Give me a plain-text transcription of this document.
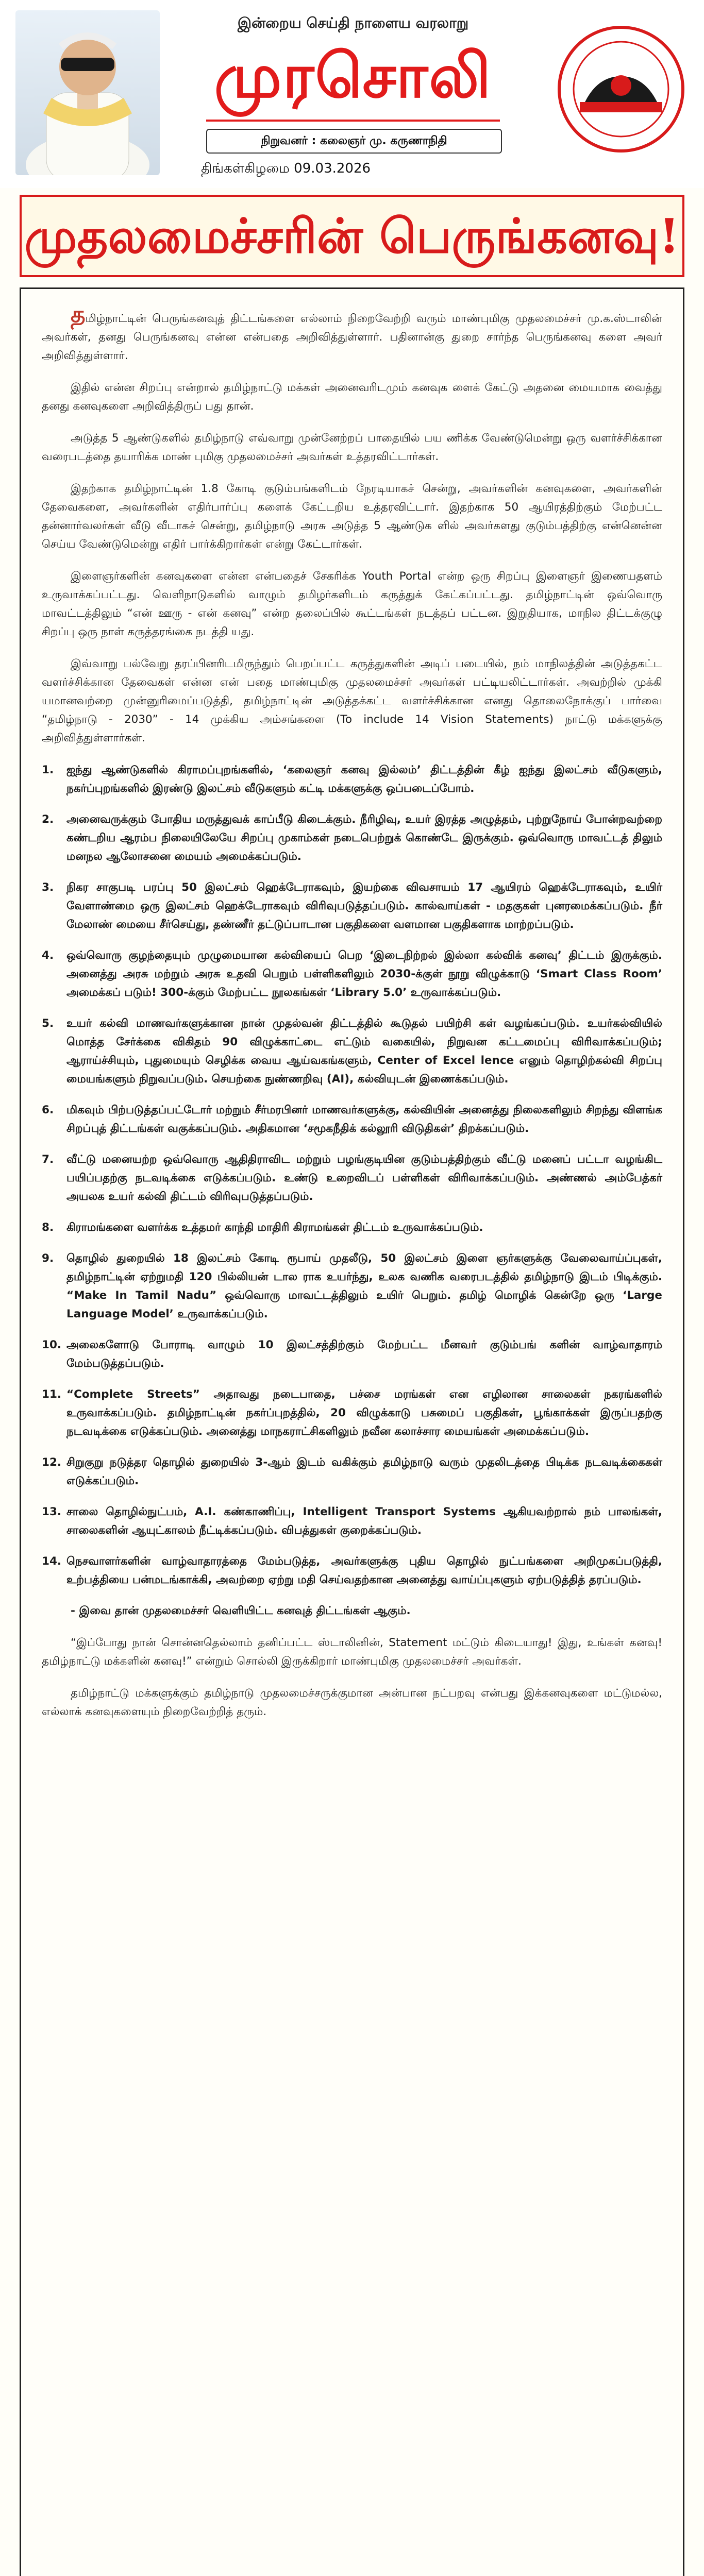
இன்றைய செய்தி நாளைய வரலாறு
முரசொலி
நிறுவனர் : கலைஞர் மு. கருணாநிதி
திங்கள்கிழமை 09.03.2026
முதலமைச்சரின் பெருங்கனவு!

தமிழ்நாட்டின் பெருங்கனவுத் திட்டங்களை எல்லாம் நிறைவேற்றி வரும் மாண்புமிகு முதலமைச்சர் மு.க.ஸ்டாலின் அவர்கள், தனது பெருங்கனவு என்ன என்பதை அறிவித்துள்ளார். பதினான்கு துறை சார்ந்த பெருங்கனவு களை அவர் அறிவித்துள்ளார்.

இதில் என்ன சிறப்பு என்றால் தமிழ்நாட்டு மக்கள் அனைவரிடமும் கனவுக ளைக் கேட்டு அதனை மையமாக வைத்து தனது கனவுகளை அறிவித்திருப் பது தான்.

அடுத்த 5 ஆண்டுகளில் தமிழ்நாடு எவ்வாறு முன்னேற்றப் பாதையில் பய ணிக்க வேண்டுமென்று ஒரு வளர்ச்சிக்கான வரைபடத்தை தயாரிக்க மாண் புமிகு முதலமைச்சர் அவர்கள் உத்தரவிட்டார்கள்.

இதற்காக தமிழ்நாட்டின் 1.8 கோடி குடும்பங்களிடம் நேரடியாகச் சென்று, அவர்களின் கனவுகளை, அவர்களின் தேவைகளை, அவர்களின் எதிர்பார்ப்பு களைக் கேட்டறிய உத்தரவிட்டார். இதற்காக 50 ஆயிரத்திற்கும் மேற்பட்ட தன்னார்வலர்கள் வீடு வீடாகச் சென்று, தமிழ்நாடு அரசு அடுத்த 5 ஆண்டுக ளில் அவர்களது குடும்பத்திற்கு என்னென்ன செய்ய வேண்டுமென்று எதிர் பார்க்கிறார்கள் என்று கேட்டார்கள்.

இளைஞர்களின் கனவுகளை என்ன என்பதைச் சேகரிக்க Youth Portal என்ற ஒரு சிறப்பு இளைஞர் இணையதளம் உருவாக்கப்பட்டது. வெளிநாடுகளில் வாழும் தமிழர்களிடம் கருத்துக் கேட்கப்பட்டது. தமிழ்நாட்டின் ஒவ்வொரு மாவட்டத்திலும் “என் ஊரு - என் கனவு” என்ற தலைப்பில் கூட்டங்கள் நடத்தப் பட்டன. இறுதியாக, மாநில திட்டக்குழு சிறப்பு ஒரு நாள் கருத்தரங்கை நடத்தி யது.

இவ்வாறு பல்வேறு தரப்பினரிடமிருந்தும் பெறப்பட்ட கருத்துகளின் அடிப் படையில், நம் மாநிலத்தின் அடுத்தகட்ட வளர்ச்சிக்கான தேவைகள் என்ன என் பதை மாண்புமிகு முதலமைச்சர் அவர்கள் பட்டியலிட்டார்கள். அவற்றில் முக்கி யமானவற்றை முன்னுரிமைப்படுத்தி, தமிழ்நாட்டின் அடுத்தக்கட்ட வளர்ச்சிக்கான எனது தொலைநோக்குப் பார்வை “தமிழ்நாடு - 2030” - 14 முக்கிய அம்சங்களை (To include 14 Vision Statements) நாட்டு மக்களுக்கு அறிவித்துள்ளார்கள்.

1.	ஐந்து ஆண்டுகளில் கிராமப்புறங்களில், ‘கலைஞர் கனவு இல்லம்’ திட்டத்தின் கீழ் ஐந்து இலட்சம் வீடுகளும், நகர்ப்புறங்களில் இரண்டு இலட்சம் வீடுகளும் கட்டி மக்களுக்கு ஒப்படைப்போம்.
2.	அனைவருக்கும் போதிய மருத்துவக் காப்பீடு கிடைக்கும். நீரிழிவு, உயர் இரத்த அழுத்தம், புற்றுநோய் போன்றவற்றை கண்டறிய ஆரம்ப நிலையிலேயே சிறப்பு முகாம்கள் நடைபெற்றுக் கொண்டே இருக்கும். ஒவ்வொரு மாவட்டத் திலும் மனநல ஆலோசனை மையம் அமைக்கப்படும்.
3.	நிகர சாகுபடி பரப்பு 50 இலட்சம் ஹெக்டேராகவும், இயற்கை விவசாயம் 17 ஆயிரம் ஹெக்டேராகவும், உயிர் வேளாண்மை ஒரு இலட்சம் ஹெக்டேராகவும் விரிவுபடுத்தப்படும். கால்வாய்கள் - மதகுகள் புனரமைக்கப்படும். நீர் மேலாண் மையை சீர்செய்து, தண்ணீர் தட்டுப்பாடான பகுதிகளை வளமான பகுதிகளாக மாற்றப்படும்.
4.	ஒவ்வொரு குழந்தையும் முழுமையான கல்வியைப் பெற ‘இடைநிற்றல் இல்லா கல்விக் கனவு’ திட்டம் இருக்கும். அனைத்து அரசு மற்றும் அரசு உதவி பெறும் பள்ளிகளிலும் 2030-க்குள் நூறு விழுக்காடு ‘Smart Class Room’ அமைக்கப் படும்! 300-க்கும் மேற்பட்ட நூலகங்கள் ‘Library 5.0’ உருவாக்கப்படும்.
5.	உயர் கல்வி மாணவர்களுக்கான நான் முதல்வன் திட்டத்தில் கூடுதல் பயிற்சி கள் வழங்கப்படும். உயர்கல்வியில் மொத்த சேர்க்கை விகிதம் 90 விழுக்காட்டை எட்டும் வகையில், நிறுவன கட்டமைப்பு விரிவாக்கப்படும்; ஆராய்ச்சியும், புதுமையும் செழிக்க வைய ஆய்வகங்களும், Center of Excel lence எனும் தொழிற்கல்வி சிறப்பு மையங்களும் நிறுவப்படும். செயற்கை நுண்ணறிவு (AI), கல்வியுடன் இணைக்கப்படும்.
6.	மிகவும் பிற்படுத்தப்பட்டோர் மற்றும் சீர்மரபினர் மாணவர்களுக்கு, கல்வியின் அனைத்து நிலைகளிலும் சிறந்து விளங்க சிறப்புத் திட்டங்கள் வகுக்கப்படும். அதிகமான ‘சமூகநீதிக் கல்லூரி விடுதிகள்’ திறக்கப்படும்.
7.	வீட்டு மனையற்ற ஒவ்வொரு ஆதிதிராவிட மற்றும் பழங்குடியின குடும்பத்திற்கும் வீட்டு மனைப் பட்டா வழங்கிட பயிப்பதற்கு நடவடிக்கை எடுக்கப்படும். உண்டு உறைவிடப் பள்ளிகள் விரிவாக்கப்படும். அண்ணல் அம்பேத்கர் அயலக உயர் கல்வி திட்டம் விரிவுபடுத்தப்படும்.
8.	கிராமங்களை வளர்க்க உத்தமர் காந்தி மாதிரி கிராமங்கள் திட்டம் உருவாக்கப்படும்.
9.	தொழில் துறையில் 18 இலட்சம் கோடி ரூபாய் முதலீடு, 50 இலட்சம் இளை ஞர்களுக்கு வேலைவாய்ப்புகள், தமிழ்நாட்டின் ஏற்றுமதி 120 பில்லியன் டால ராக உயர்ந்து, உலக வணிக வரைபடத்தில் தமிழ்நாடு இடம் பிடிக்கும். “Make In Tamil Nadu” ஒவ்வொரு மாவட்டத்திலும் உயிர் பெறும். தமிழ் மொழிக் கென்றே ஒரு ‘Large Language Model’ உருவாக்கப்படும்.
10. அலைகளோடு போராடி வாழும் 10 இலட்சத்திற்கும் மேற்பட்ட மீனவர் குடும்பங் களின் வாழ்வாதாரம் மேம்படுத்தப்படும்.
11. “Complete Streets” அதாவது நடைபாதை, பச்சை மரங்கள் என எழிலான சாலைகள் நகரங்களில் உருவாக்கப்படும். தமிழ்நாட்டின் நகர்ப்புறத்தில், 20 விழுக்காடு பசுமைப் பகுதிகள், பூங்காக்கள் இருப்பதற்கு நடவடிக்கை எடுக்கப்படும். அனைத்து மாநகராட்சிகளிலும் நவீன கலாச்சார மையங்கள் அமைக்கப்படும்.
12. சிறுகுறு நடுத்தர தொழில் துறையில் 3-ஆம் இடம் வகிக்கும் தமிழ்நாடு வரும் முதலிடத்தை பிடிக்க நடவடிக்கைகள் எடுக்கப்படும்.
13. சாலை தொழில்நுட்பம், A.I. கண்காணிப்பு, Intelligent Transport Systems ஆகியவற்றால் நம் பாலங்கள், சாலைகளின் ஆயுட்காலம் நீட்டிக்கப்படும். விபத்துகள் குறைக்கப்படும்.
14. நெசவாளர்களின் வாழ்வாதாரத்தை மேம்படுத்த, அவர்களுக்கு புதிய தொழில் நுட்பங்களை அறிமுகப்படுத்தி, உற்பத்தியை பன்மடங்காக்கி, அவற்றை ஏற்று மதி செய்வதற்கான அனைத்து வாய்ப்புகளும் ஏற்படுத்தித் தரப்படும்.

- இவை தான் முதலமைச்சர் வெளியிட்ட கனவுத் திட்டங்கள் ஆகும்.

“இப்போது நான் சொன்னதெல்லாம் தனிப்பட்ட ஸ்டாலினின், Statement மட்டும் கிடையாது! இது, உங்கள் கனவு! தமிழ்நாட்டு மக்களின் கனவு!” என்றும் சொல்லி இருக்கிறார் மாண்புமிகு முதலமைச்சர் அவர்கள்.

தமிழ்நாட்டு மக்களுக்கும் தமிழ்நாடு முதலமைச்சருக்குமான அன்பான நட்பறவு என்பது இக்கனவுகளை மட்டுமல்ல, எல்லாக் கனவுகளையும் நிறைவேற்றித் தரும்.
